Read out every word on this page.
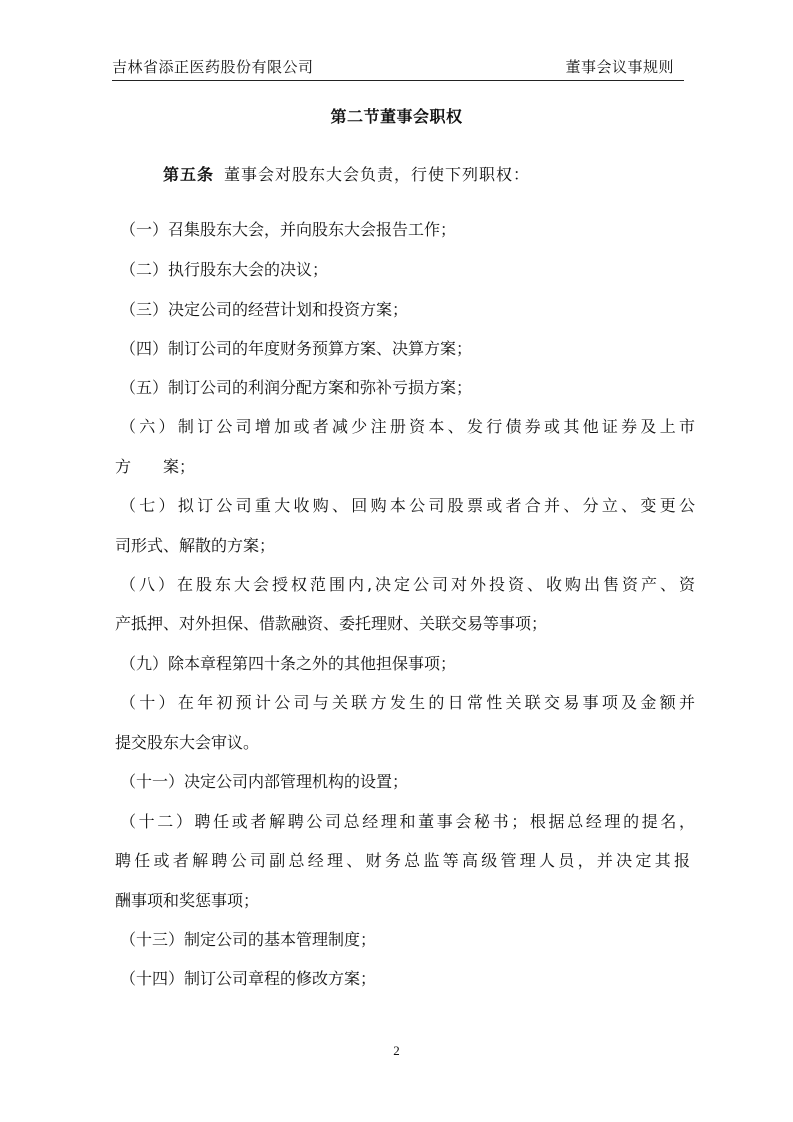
吉林省添正医药股份有限公司	董事会议事规则
第二节董事会职权
第五条 董事会对股东大会负责，行使下列职权：
（一）召集股东大会，并向股东大会报告工作；
（二）执行股东大会的决议；
（三）决定公司的经营计划和投资方案；
（四）制订公司的年度财务预算方案、决算方案；
（五）制订公司的利润分配方案和弥补亏损方案；
（六）制订公司增加或者减少注册资本、发行债券或其他证券及上市
方　　案；
（七）拟订公司重大收购、回购本公司股票或者合并、分立、变更公
司形式、解散的方案；
（八）在股东大会授权范围内,决定公司对外投资、收购出售资产、资
产抵押、对外担保、借款融资、委托理财、关联交易等事项；
（九）除本章程第四十条之外的其他担保事项；
（十）在年初预计公司与关联方发生的日常性关联交易事项及金额并
提交股东大会审议。
（十一）决定公司内部管理机构的设置；
（十二）聘任或者解聘公司总经理和董事会秘书；根据总经理的提名，
聘任或者解聘公司副总经理、财务总监等高级管理人员，并决定其报
酬事项和奖惩事项；
（十三）制定公司的基本管理制度；
（十四）制订公司章程的修改方案；
2
